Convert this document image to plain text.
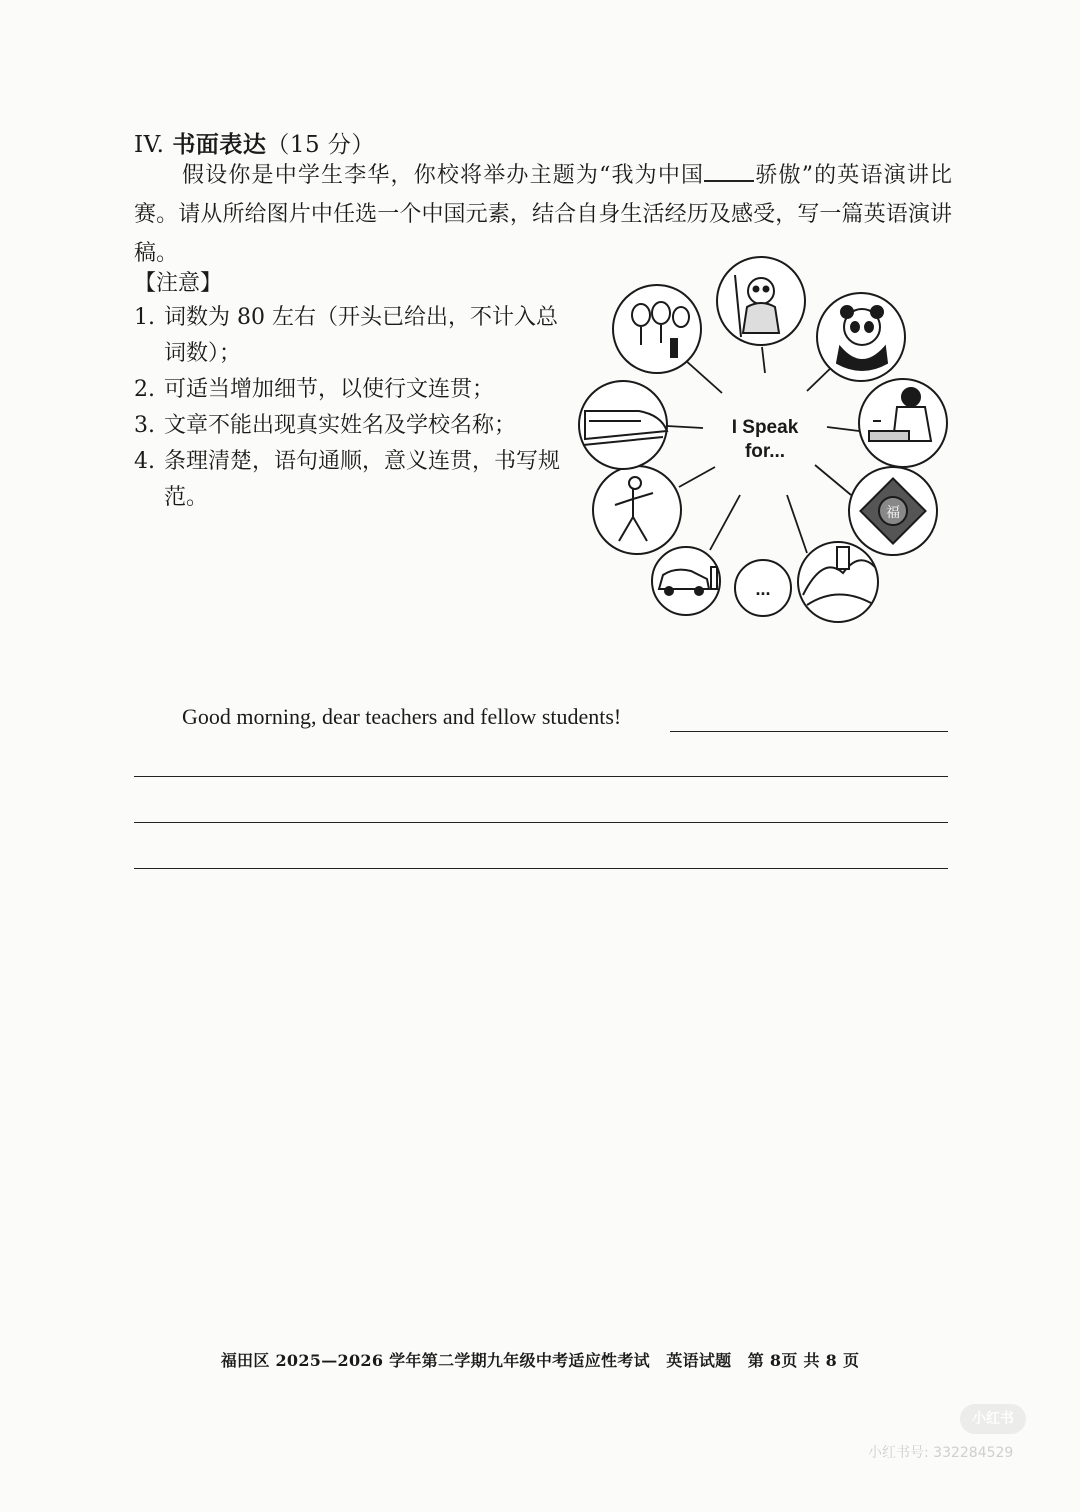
IV. 书面表达（15 分）
假设你是中学生李华，你校将举办主题为“我为中国 骄傲”的英语演讲比赛。请从所给图片中任选一个中国元素，结合自身生活经历及感受，写一篇英语演讲稿。
【注意】
1. 词数为 80 左右（开头已给出，不计入总词数）；
2. 可适当增加细节，以使行文连贯；
3. 文章不能出现真实姓名及学校名称；
4. 条理清楚，语句通顺，意义连贯，书写规范。
I Speak
for...
福
...
Good morning, dear teachers and fellow students!
福田区 2025—2026 学年第二学期九年级中考适应性考试　英语试题　第 8页 共 8 页
小红书
小红书号: 332284529
